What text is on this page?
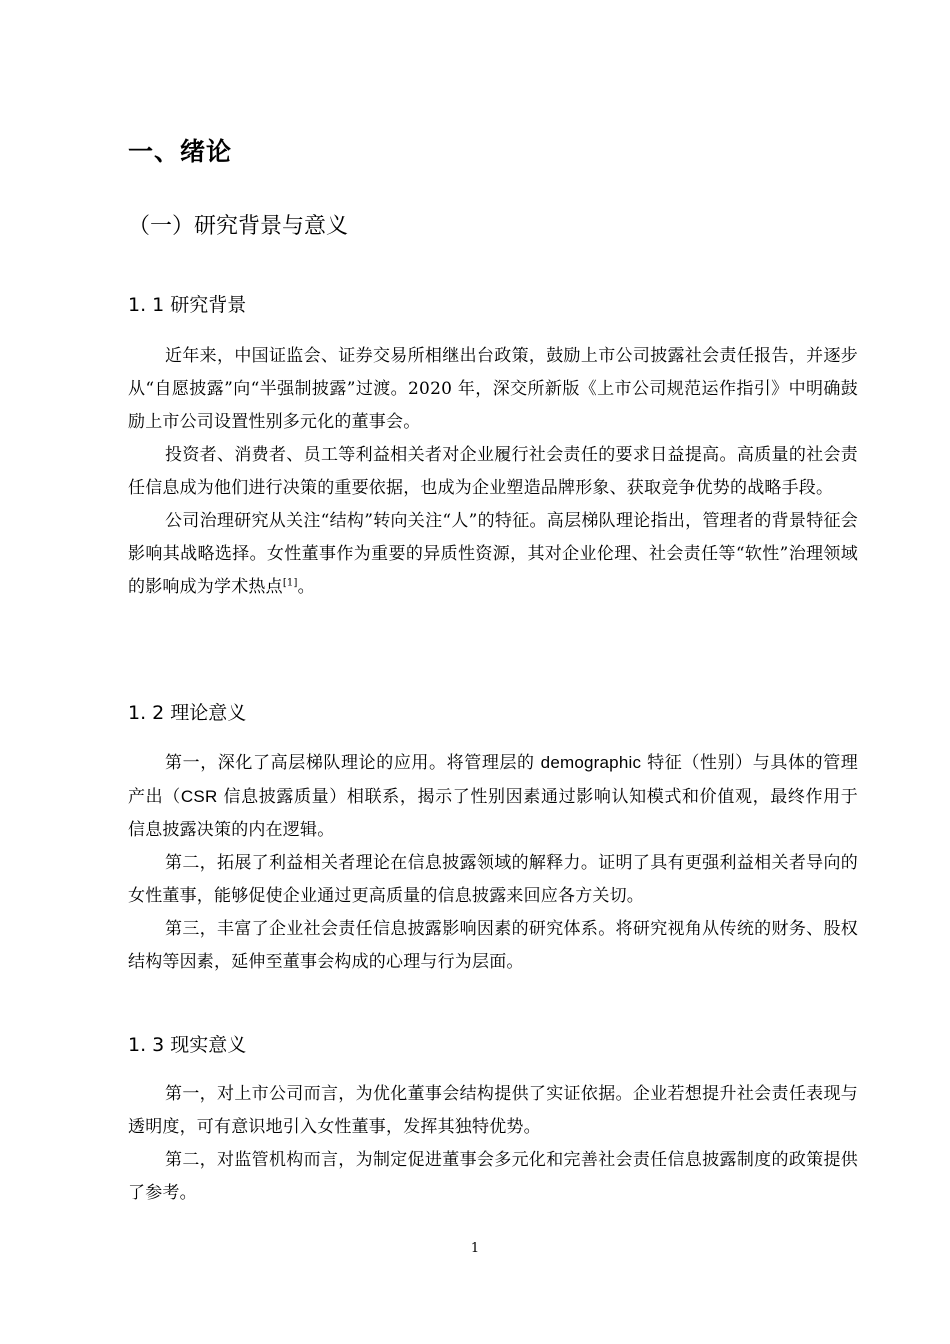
一、绪论
（一）研究背景与意义
1. 1 研究背景

近年来，中国证监会、证券交易所相继出台政策，鼓励上市公司披露社会责任报告，并逐步从“自愿披露”向“半强制披露”过渡。2020 年，深交所新版《上市公司规范运作指引》中明确鼓励上市公司设置性别多元化的董事会。

投资者、消费者、员工等利益相关者对企业履行社会责任的要求日益提高。高质量的社会责任信息成为他们进行决策的重要依据，也成为企业塑造品牌形象、获取竞争优势的战略手段。

公司治理研究从关注“结构”转向关注“人”的特征。高层梯队理论指出，管理者的背景特征会影响其战略选择。女性董事作为重要的异质性资源，其对企业伦理、社会责任等“软性”治理领域的影响成为学术热点[1]。

1. 2 理论意义

第一，深化了高层梯队理论的应用。将管理层的 demographic 特征（性别）与具体的管理产出（CSR 信息披露质量）相联系，揭示了性别因素通过影响认知模式和价值观，最终作用于信息披露决策的内在逻辑。

第二，拓展了利益相关者理论在信息披露领域的解释力。证明了具有更强利益相关者导向的女性董事，能够促使企业通过更高质量的信息披露来回应各方关切。

第三，丰富了企业社会责任信息披露影响因素的研究体系。将研究视角从传统的财务、股权结构等因素，延伸至董事会构成的心理与行为层面。

1. 3 现实意义

第一，对上市公司而言，为优化董事会结构提供了实证依据。企业若想提升社会责任表现与透明度，可有意识地引入女性董事，发挥其独特优势。

第二，对监管机构而言，为制定促进董事会多元化和完善社会责任信息披露制度的政策提供了参考。

1
